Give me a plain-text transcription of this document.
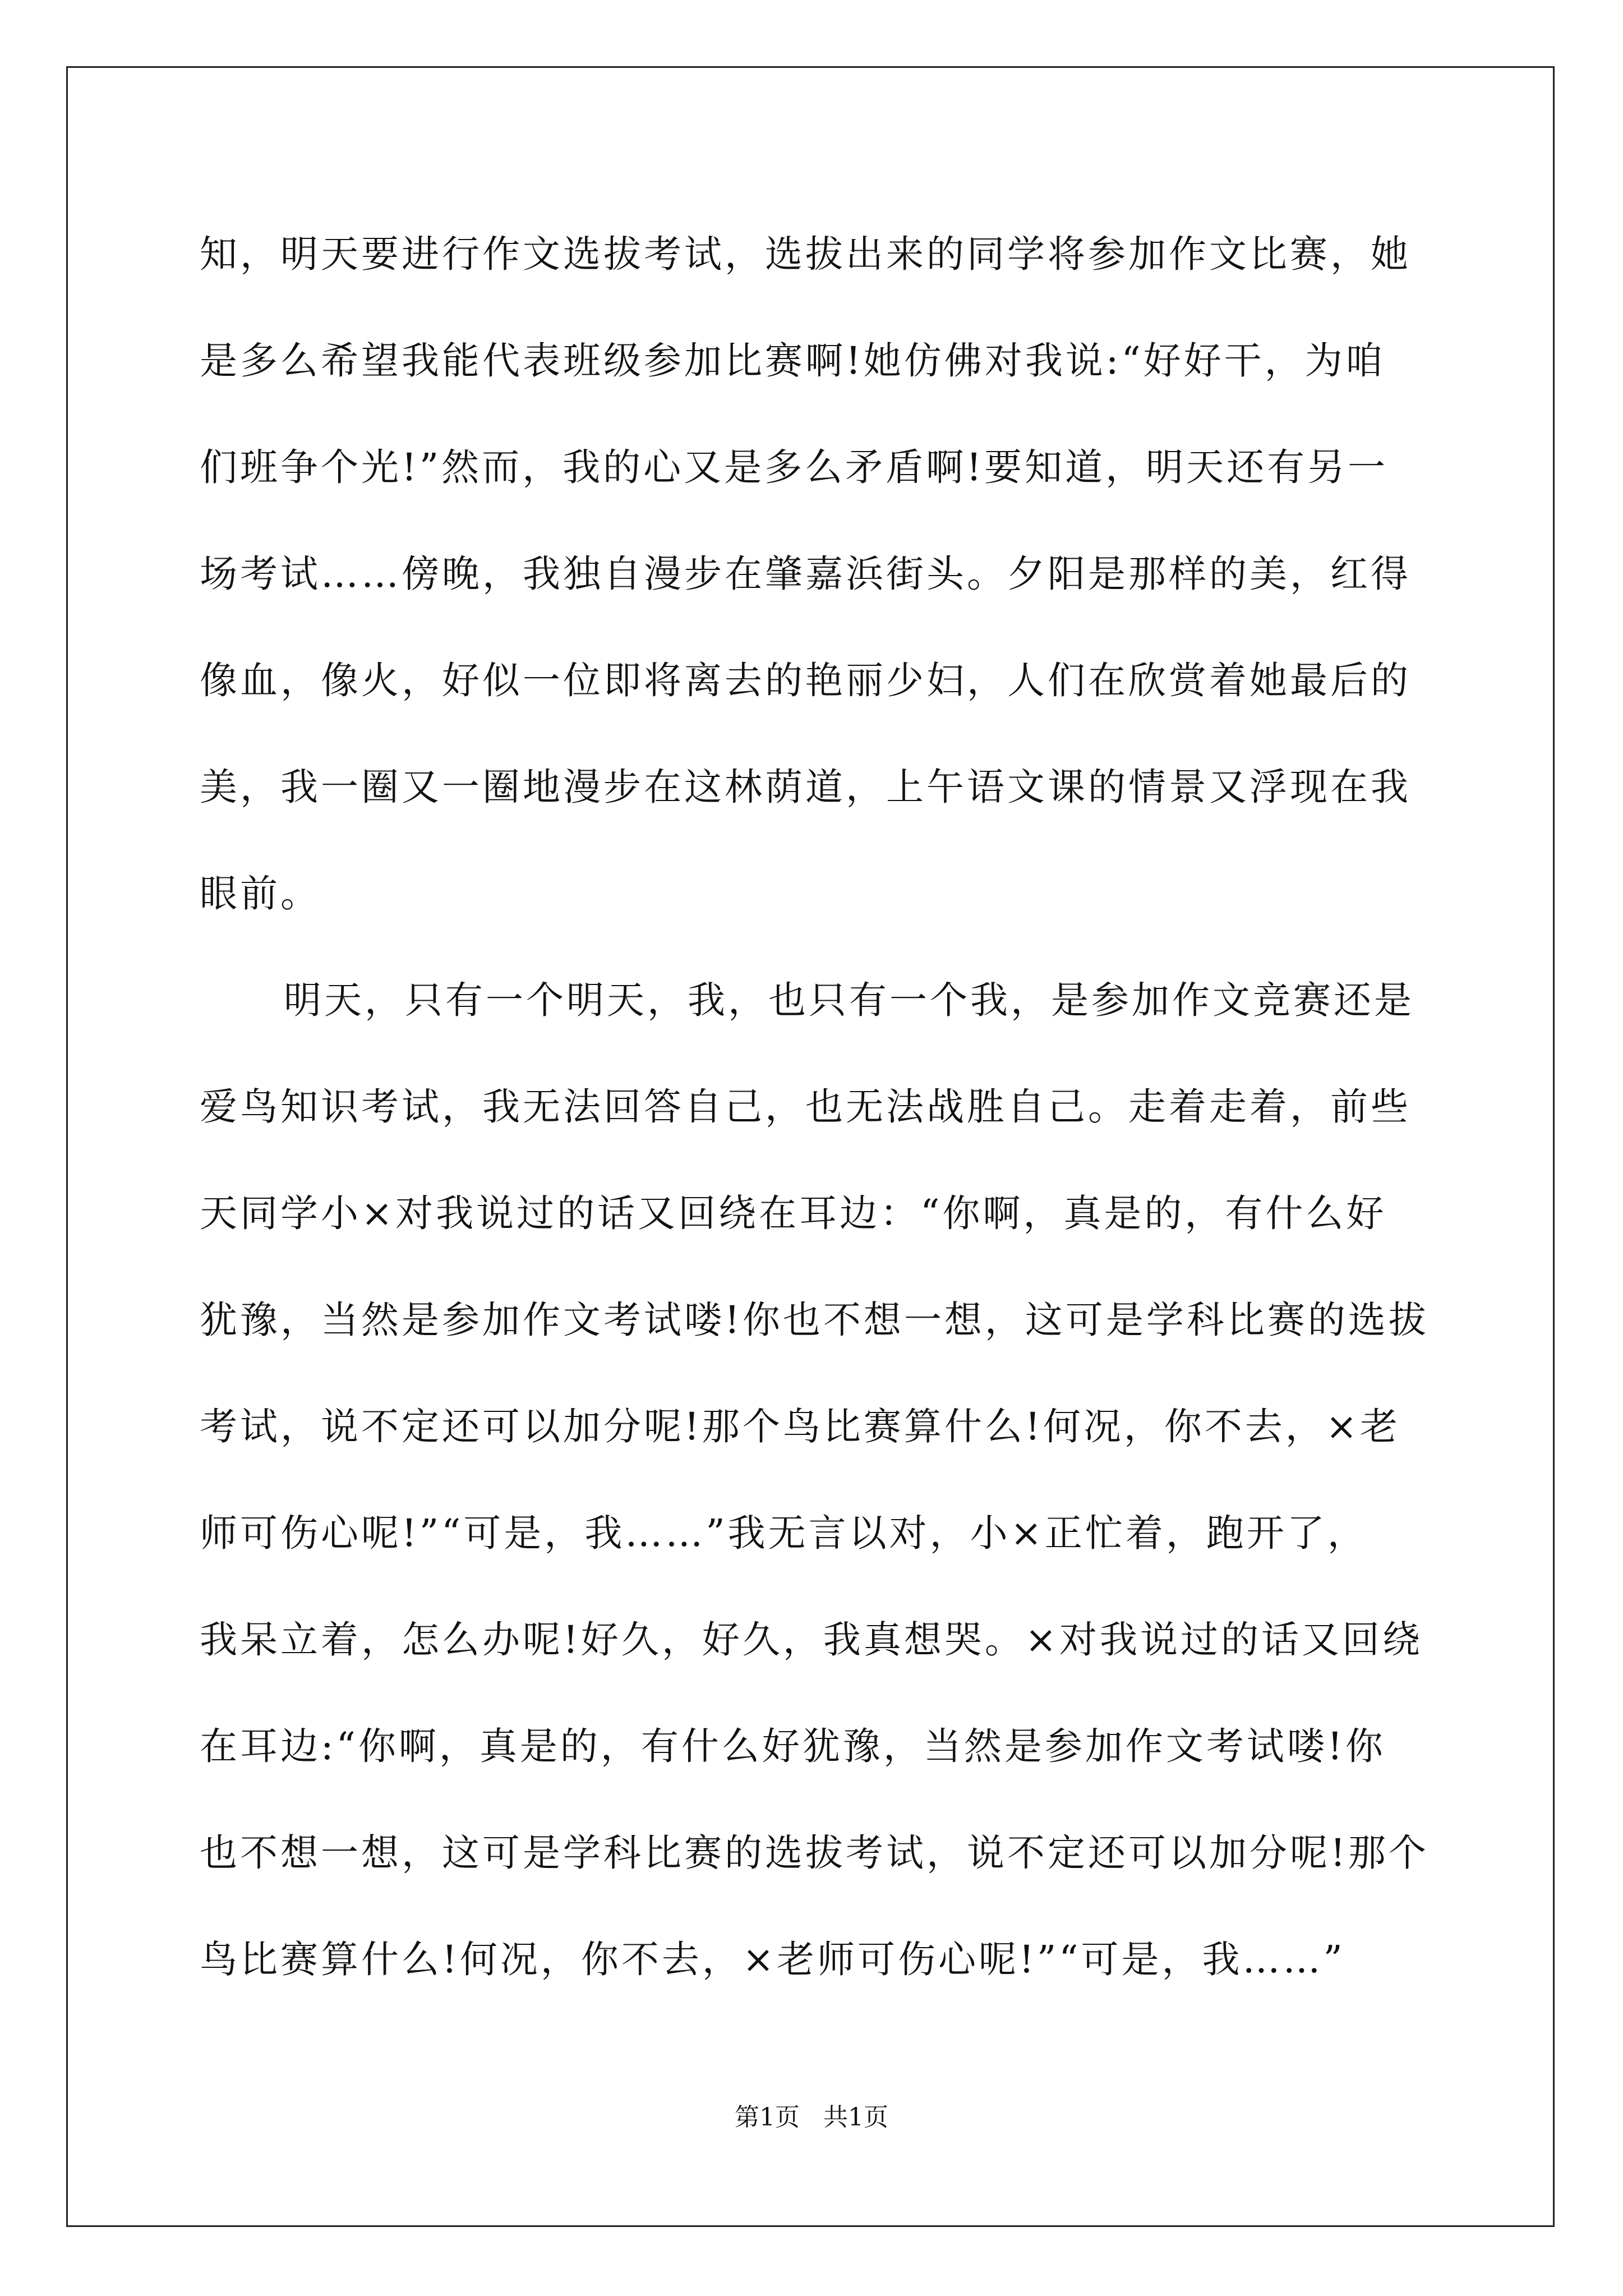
知，明天要进行作文选拔考试，选拔出来的同学将参加作文比赛，她
是多么希望我能代表班级参加比赛啊!她仿佛对我说:“好好干，为咱
们班争个光!”然而，我的心又是多么矛盾啊!要知道，明天还有另一
场考试……傍晚，我独自漫步在肇嘉浜街头。夕阳是那样的美，红得
像血，像火，好似一位即将离去的艳丽少妇，人们在欣赏着她最后的
美，我一圈又一圈地漫步在这林荫道，上午语文课的情景又浮现在我
眼前。
明天，只有一个明天，我，也只有一个我，是参加作文竞赛还是
爱鸟知识考试，我无法回答自己，也无法战胜自己。走着走着，前些
天同学小×对我说过的话又回绕在耳边：“你啊，真是的，有什么好
犹豫，当然是参加作文考试喽!你也不想一想，这可是学科比赛的选拔
考试，说不定还可以加分呢!那个鸟比赛算什么!何况，你不去，×老
师可伤心呢!”“可是，我……”我无言以对，小×正忙着，跑开了，
我呆立着，怎么办呢!好久，好久，我真想哭。×对我说过的话又回绕
在耳边:“你啊，真是的，有什么好犹豫，当然是参加作文考试喽!你
也不想一想，这可是学科比赛的选拔考试，说不定还可以加分呢!那个
鸟比赛算什么!何况，你不去，×老师可伤心呢!”“可是，我……”
第1页 共1页
